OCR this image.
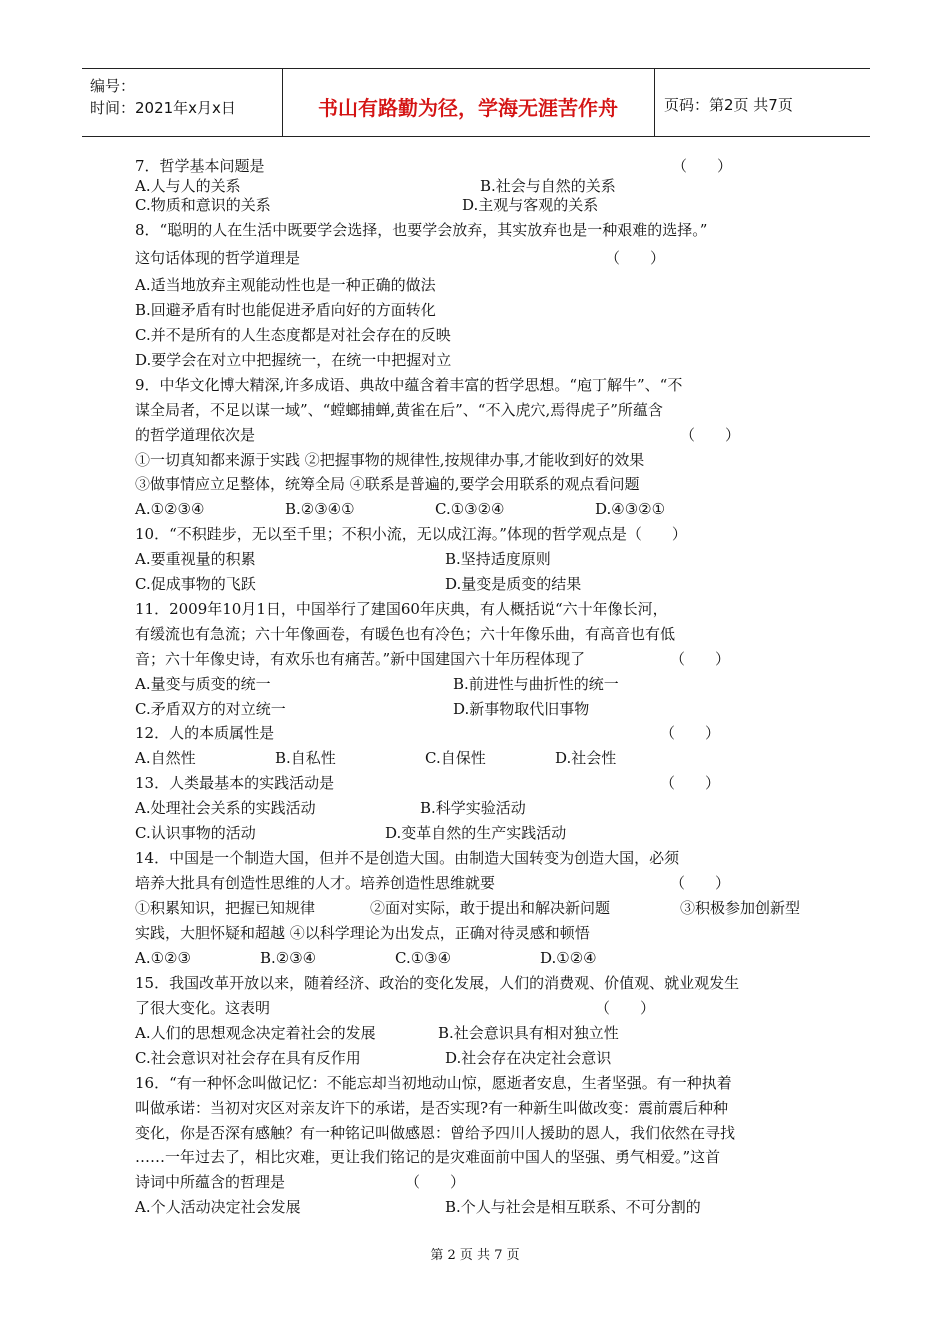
编号：
时间：2021年x月x日	书山有路勤为径，学海无涯苦作舟	页码：第2页 共7页
7．哲学基本问题是	（　　）
A.人与人的关系	B.社会与自然的关系
C.物质和意识的关系	D.主观与客观的关系
8．“聪明的人在生活中既要学会选择，也要学会放弃，其实放弃也是一种艰难的选择。”
这句话体现的哲学道理是	（　　）
A.适当地放弃主观能动性也是一种正确的做法
B.回避矛盾有时也能促进矛盾向好的方面转化
C.并不是所有的人生态度都是对社会存在的反映
D.要学会在对立中把握统一，在统一中把握对立
9．中华文化博大精深,许多成语、典故中蕴含着丰富的哲学思想。“庖丁解牛”、“不
谋全局者，不足以谋一域”、“螳螂捕蝉,黄雀在后”、“不入虎穴,焉得虎子”所蕴含
的哲学道理依次是	（　　）
①一切真知都来源于实践 ②把握事物的规律性,按规律办事,才能收到好的效果
③做事情应立足整体，统筹全局 ④联系是普遍的,要学会用联系的观点看问题
A.①②③④	B.②③④①	C.①③②④	D.④③②①
10．“不积跬步，无以至千里；不积小流，无以成江海。”体现的哲学观点是（　　）
A.要重视量的积累	B.坚持适度原则
C.促成事物的飞跃	D.量变是质变的结果
11．2009年10月1日，中国举行了建国60年庆典，有人概括说“六十年像长河，
有缓流也有急流；六十年像画卷，有暖色也有冷色；六十年像乐曲，有高音也有低
音；六十年像史诗，有欢乐也有痛苦。”新中国建国六十年历程体现了	（　　）
A.量变与质变的统一	B.前进性与曲折性的统一
C.矛盾双方的对立统一	D.新事物取代旧事物
12．人的本质属性是	（　　）
A.自然性	B.自私性	C.自保性	D.社会性
13．人类最基本的实践活动是	（　　）
A.处理社会关系的实践活动	B.科学实验活动
C.认识事物的活动	D.变革自然的生产实践活动
14．中国是一个制造大国，但并不是创造大国。由制造大国转变为创造大国，必须
培养大批具有创造性思维的人才。培养创造性思维就要	（　　）
①积累知识，把握已知规律	②面对实际，敢于提出和解决新问题	③积极参加创新型
实践，大胆怀疑和超越 ④以科学理论为出发点，正确对待灵感和顿悟
A.①②③	B.②③④	C.①③④	D.①②④
15．我国改革开放以来，随着经济、政治的变化发展，人们的消费观、价值观、就业观发生
了很大变化。这表明	（　　）
A.人们的思想观念决定着社会的发展	B.社会意识具有相对独立性
C.社会意识对社会存在具有反作用	D.社会存在决定社会意识
16．“有一种怀念叫做记忆：不能忘却当初地动山惊，愿逝者安息，生者坚强。有一种执着
叫做承诺：当初对灾区对亲友许下的承诺，是否实现?有一种新生叫做改变：震前震后种种
变化，你是否深有感触？有一种铭记叫做感恩：曾给予四川人援助的恩人，我们依然在寻找
……一年过去了，相比灾难，更让我们铭记的是灾难面前中国人的坚强、勇气相爱。”这首
诗词中所蕴含的哲理是	（　　）
A.个人活动决定社会发展	B.个人与社会是相互联系、不可分割的
第 2 页 共 7 页
